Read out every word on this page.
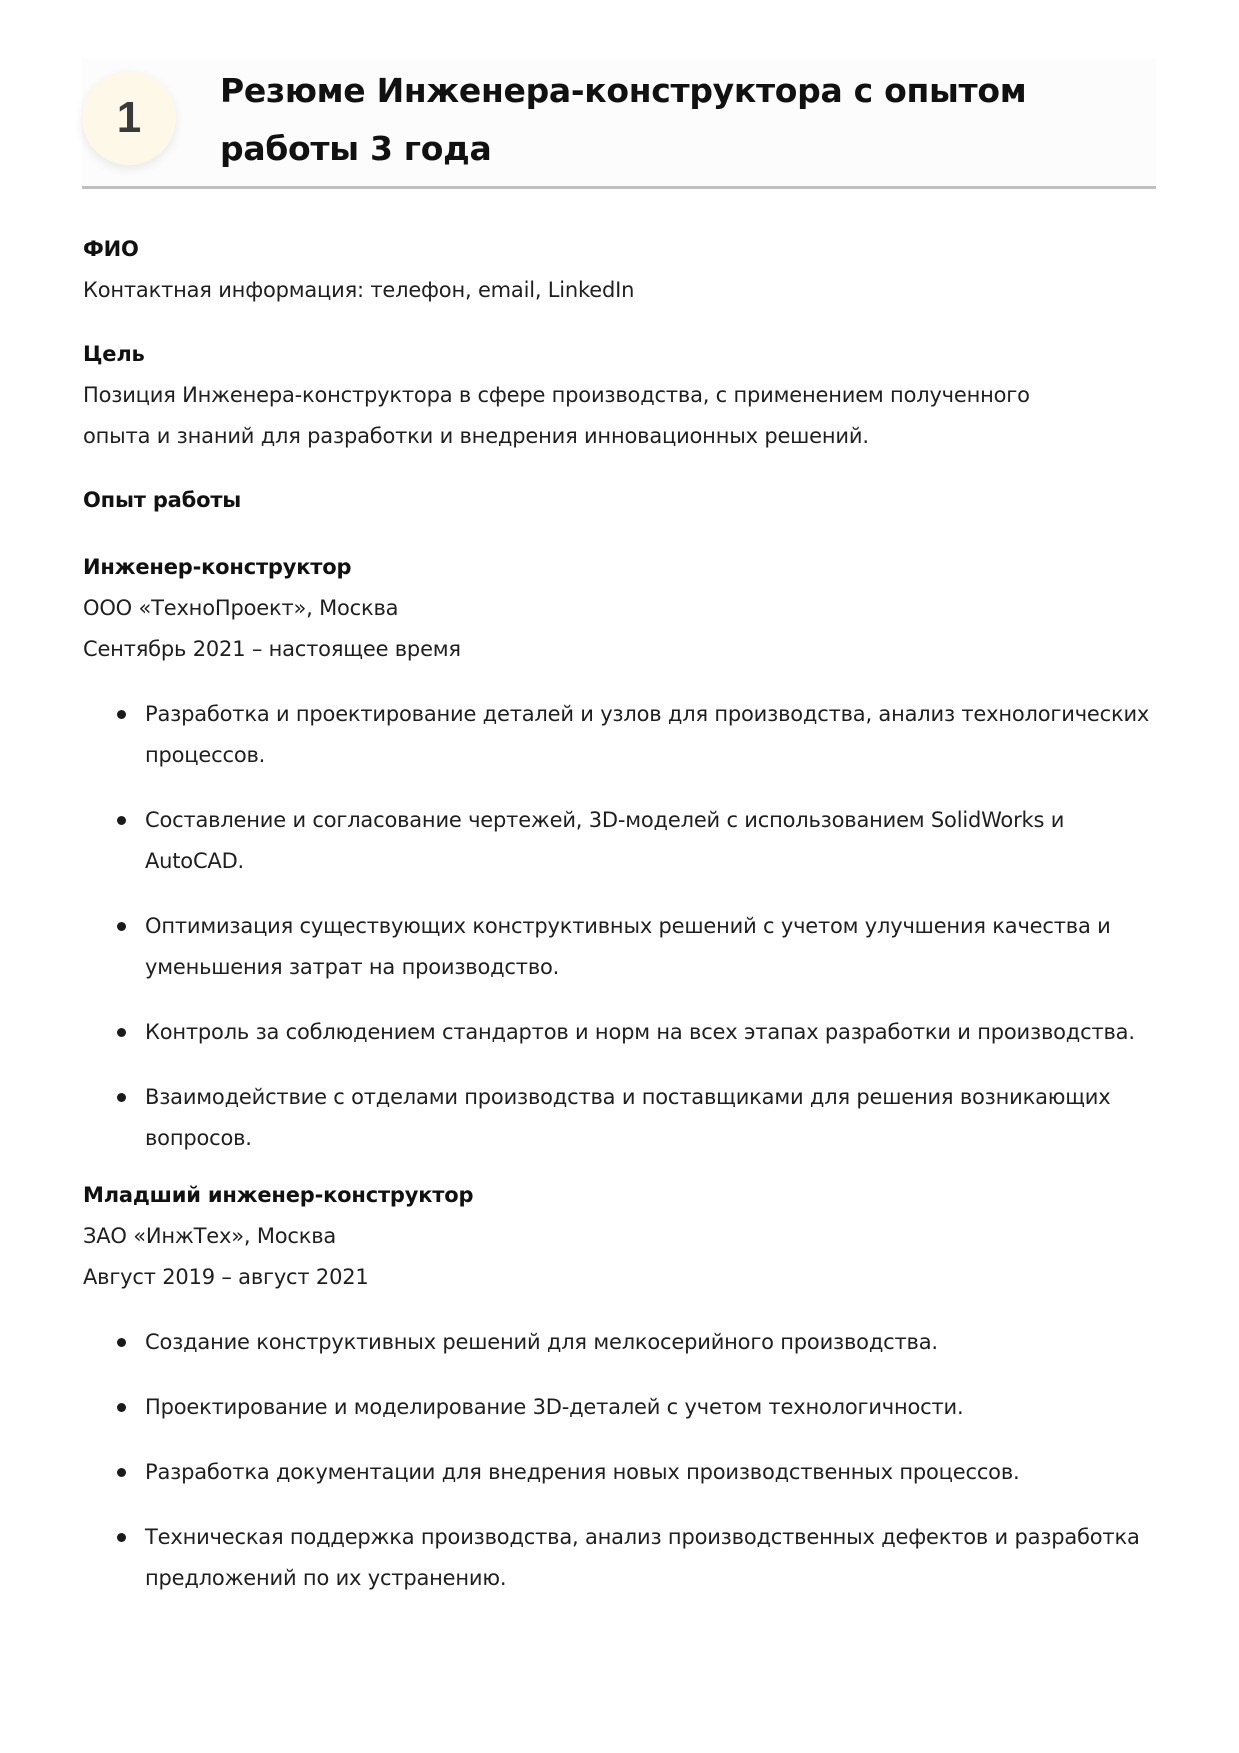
1
Резюме Инженера-конструктора с опытом работы 3 года

ФИО

Контактная информация: телефон, email, LinkedIn

Цель

Позиция Инженера-конструктора в сфере производства, с применением полученного опыта и знаний для разработки и внедрения инновационных решений.

Опыт работы

Инженер-конструктор

ООО «ТехноПроект», Москва

Сентябрь 2021 – настоящее время

Разработка и проектирование деталей и узлов для производства, анализ технологических процессов.
Составление и согласование чертежей, 3D-моделей с использованием SolidWorks и AutoCAD.
Оптимизация существующих конструктивных решений с учетом улучшения качества и уменьшения затрат на производство.
Контроль за соблюдением стандартов и норм на всех этапах разработки и производства.
Взаимодействие с отделами производства и поставщиками для решения возникающих вопросов.

Младший инженер-конструктор

ЗАО «ИнжТех», Москва

Август 2019 – август 2021

Создание конструктивных решений для мелкосерийного производства.
Проектирование и моделирование 3D-деталей с учетом технологичности.
Разработка документации для внедрения новых производственных процессов.
Техническая поддержка производства, анализ производственных дефектов и разработка предложений по их устранению.
